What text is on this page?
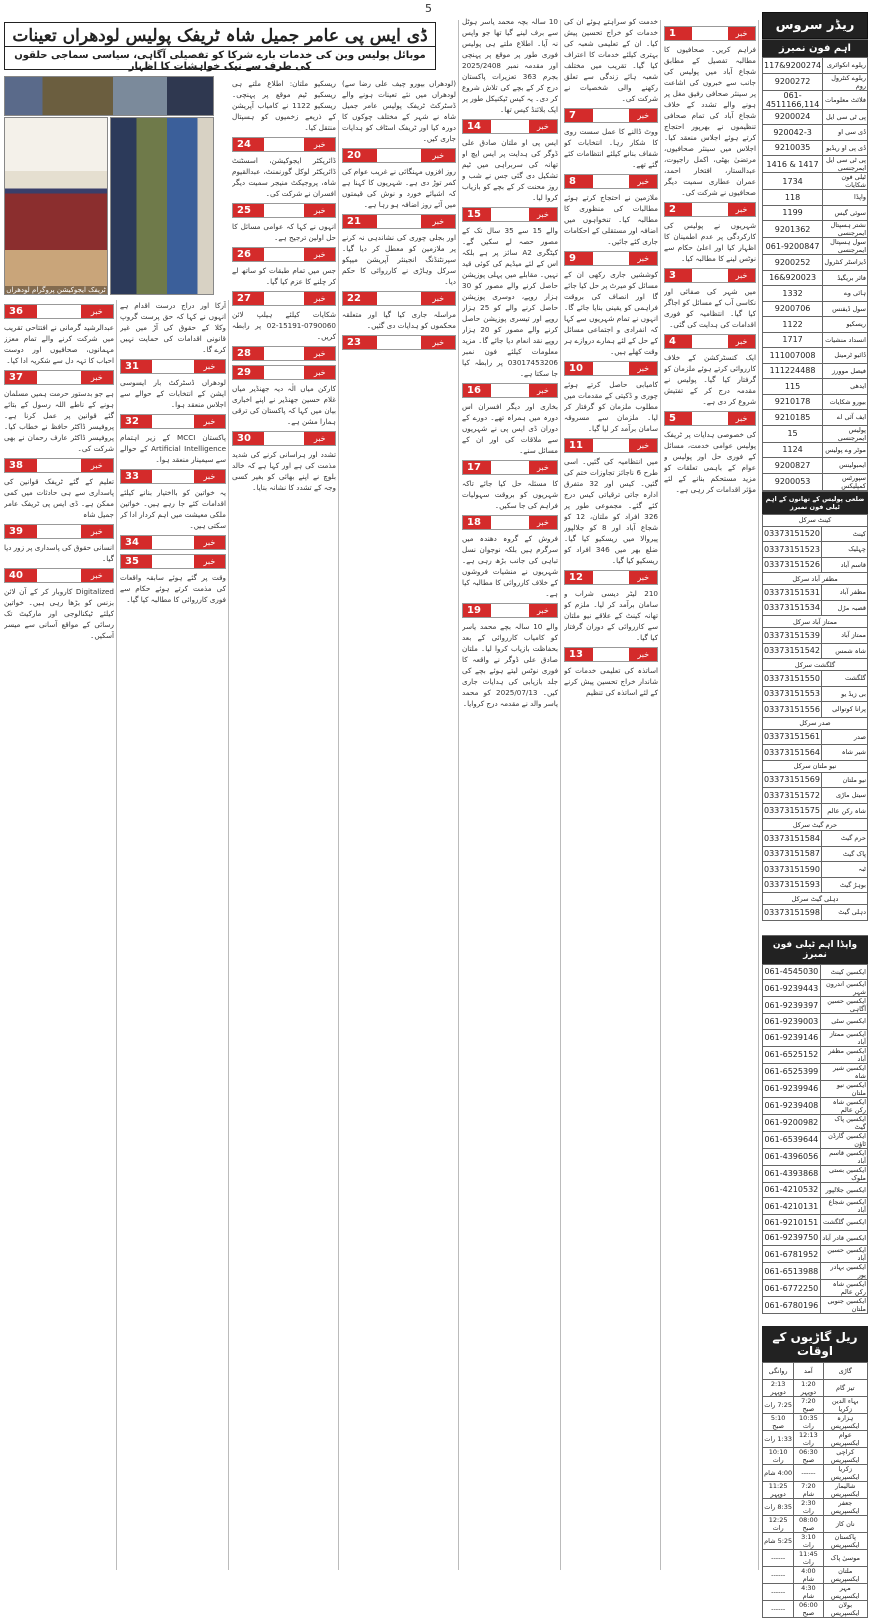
5
ڈی ایس پی عامر جمیل شاہ ٹریفک پولیس لودھراں تعینات
موبائل پولیس وین کی خدمات بارے شرکا کو تفصیلی آگاہی، سیاسی سماجی حلقوں کی طرف سے نیک خواہشات کا اظہار
ٹریفک ایجوکیشن پروگرام لودھراں

10 سالہ بچہ محمد یاسر ہوٹل سے برف لینے گیا تھا جو واپس نہ آیا۔ اطلاع ملتے ہی پولیس فوری طور پر موقع پر پہنچی اور مقدمہ نمبر 2025/2408 بجرم 363 تعزیرات پاکستان درج کر کے بچے کی تلاش شروع کر دی۔ یہ کیس ٹیکنیکل طور پر ایک بلائنڈ کیس تھا۔

14	خبر

ایس پی او ملتان صادق علی ڈوگر کی ہدایت پر ایس ایچ او تھانہ کی سربراہی میں ٹیم تشکیل دی گئی جس نے شب و روز محنت کر کے بچے کو بازیاب کروا لیا۔

15	خبر

والے 15 سے 35 سال تک کے مصور حصہ لے سکیں گے۔ کیٹگری A2 سائز پر ہے بلکہ اس کے لئے میڈیم کی کوئی قید نہیں۔ مقابلے میں پہلی پوزیشن حاصل کرنے والے مصور کو 30 ہزار روپے، دوسری پوزیشن حاصل کرنے والے کو 25 ہزار روپے اور تیسری پوزیشن حاصل کرنے والے مصور کو 20 ہزار روپے نقد انعام دیا جائے گا۔ مزید معلومات کیلئے فون نمبر 03017453206 پر رابطہ کیا جا سکتا ہے۔

16	خبر

بخاری اور دیگر افسران اس دورہ میں ہمراہ تھے۔ دورے کے دوران ڈی ایس پی نے شہریوں سے ملاقات کی اور ان کے مسائل سنے۔

17	خبر

کا مسئلہ حل کیا جائے تاکہ شہریوں کو بروقت سہولیات فراہم کی جا سکیں۔

18	خبر

فروش کے گروہ دھندہ میں سرگرم ہیں بلکہ نوجوان نسل تباہی کی جانب بڑھ رہی ہے۔ شہریوں نے منشیات فروشوں کے خلاف کارروائی کا مطالبہ کیا ہے۔

19	خبر

والے 10 سالہ بچے محمد یاسر کو کامیاب کارروائی کے بعد بحفاظت بازیاب کروا لیا۔ ملتان صادق علی ڈوگر نے واقعہ کا فوری نوٹس لیتے ہوئے بچے کی جلد بازیابی کی ہدایات جاری کیں۔ 2025/07/13 کو محمد یاسر والد نے مقدمہ درج کروایا۔

خدمت کو سراہتے ہوئے ان کی خدمات کو خراج تحسین پیش کیا۔ ان کے تعلیمی شعبہ کی بہتری کیلئے خدمات کا اعتراف کیا گیا۔ تقریب میں مختلف شعبہ ہائے زندگی سے تعلق رکھنے والی شخصیات نے شرکت کی۔

7	خبر

ووٹ ڈالنے کا عمل سست روی کا شکار رہا۔ انتخابات کو شفاف بنانے کیلئے انتظامات کئے گئے تھے۔

8	خبر

ملازمین نے احتجاج کرتے ہوئے مطالبات کی منظوری کا مطالبہ کیا۔ تنخواہوں میں اضافہ اور مستقلی کے احکامات جاری کئے جائیں۔

9	خبر

کوششیں جاری رکھی ان کے مسائل کو میرٹ پر حل کیا جائے گا اور انصاف کی بروقت فراہمی کو یقینی بنایا جائے گا۔ انہوں نے تمام شہریوں سے کہا کہ انفرادی و اجتماعی مسائل کے حل کے لئے ہمارے دروازے ہر وقت کھلے ہیں۔

10	خبر

کامیابی حاصل کرتے ہوئے چوری و ڈکیتی کے مقدمات میں مطلوب ملزمان کو گرفتار کر لیا۔ ملزمان سے مسروقہ سامان برآمد کر لیا گیا۔

11	خبر

میں انتظامیہ کی گئیں۔ اسی طرح 6 ناجائز تجاوزات ختم کی گئیں۔ کیس اور 32 متفرق ادارہ جاتی ترقیاتی کیس درج کئے گئے۔ مجموعی طور پر 326 افراد کو ملتان، 12 کو شجاع آباد اور 8 کو جلالپور پیروالا میں ریسکیو کیا گیا۔ ضلع بھر میں 346 افراد کو ریسکیو کیا گیا۔

12	خبر

210 لیٹر دیسی شراب و سامان برآمد کر لیا۔ ملزم کو تھانہ کینٹ کے علاقے نیو ملتان سے کارروائی کے دوران گرفتار کیا گیا۔

13	خبر

اساتذہ کی تعلیمی خدمات کو شاندار خراج تحسین پیش کرنے کے لئے اساتذہ کی تنظیم

1	خبر

فراہم کریں۔ صحافیوں کا مطالبہ تفصیل کے مطابق شجاع آباد میں پولیس کی جانب سے خبروں کی اشاعت پر سینئر صحافی رفیق مغل پر ہونے والے تشدد کے خلاف شجاع آباد کی تمام صحافی تنظیموں نے بھرپور احتجاج کرتے ہوئے اجلاس منعقد کیا۔ اجلاس میں سینئر صحافیوں، مرتضیٰ بھٹی، اکمل راجپوت، عبدالستار، افتخار احمد، عمران عطاری سمیت دیگر صحافیوں نے شرکت کی۔

2	خبر

شہریوں نے پولیس کی کارکردگی پر عدم اطمینان کا اظہار کیا اور اعلیٰ حکام سے نوٹس لینے کا مطالبہ کیا۔

3	خبر

میں شہر کی صفائی اور نکاسی آب کے مسائل کو اجاگر کیا گیا۔ انتظامیہ کو فوری اقدامات کی ہدایت کی گئی۔

4	خبر

ایک کنسٹرکشن کے خلاف کارروائی کرتے ہوئے ملزمان کو گرفتار کیا گیا۔ پولیس نے مقدمہ درج کر کے تفتیش شروع کر دی ہے۔

5	خبر

کی خصوصی ہدایات پر ٹریفک پولیس عوامی خدمت، مسائل کے فوری حل اور پولیس و عوام کے باہمی تعلقات کو مزید مستحکم بنانے کے لئے مؤثر اقدامات کر رہی ہے۔

(لودھراں بیورو چیف علی رضا سے) لودھراں میں نئے تعینات ہونے والے ڈسٹرکٹ ٹریفک پولیس عامر جمیل شاہ نے شہر کے مختلف چوکوں کا دورہ کیا اور ٹریفک اسٹاف کو ہدایات جاری کیں۔

20	خبر

روز افزوں مہنگائی نے غریب عوام کی کمر توڑ دی ہے۔ شہریوں کا کہنا ہے کہ اشیائے خورد و نوش کی قیمتوں میں آئے روز اضافہ ہو رہا ہے۔

21	خبر

اور بجلی چوری کی نشاندہی نہ کرنے پر ملازمین کو معطل کر دیا گیا۔ سپرنٹنڈنگ انجینئر آپریشن میپکو سرکل وہاڑی نے کارروائی کا حکم دیا۔

22	خبر

مراسلہ جاری کیا گیا اور متعلقہ محکموں کو ہدایات دی گئیں۔

23	خبر

ریسکیو ملتان: اطلاع ملتے ہی ریسکیو ٹیم موقع پر پہنچی۔ ریسکیو 1122 نے کامیاب آپریشن کے ذریعے زخمیوں کو ہسپتال منتقل کیا۔

24	خبر

ڈائریکٹر ایجوکیشن، اسسٹنٹ ڈائریکٹر لوکل گورنمنٹ، عبدالقیوم شاہ، پروجیکٹ منیجر سمیت دیگر افسران نے شرکت کی۔

25	خبر

انہوں نے کہا کہ عوامی مسائل کا حل اولین ترجیح ہے۔

26	خبر

جس میں تمام طبقات کو ساتھ لے کر چلنے کا عزم کیا گیا۔

27	خبر

شکایات کیلئے ہیلپ لائن 0790060-15191-02 پر رابطہ کریں۔

28	خبر
29	خبر

کارکن میاں الٰہ دیہ جھنڈیر میاں غلام حسین جھنڈیر نے اپنے اخباری بیان میں کہا کہ پاکستان کی ترقی ہمارا مشن ہے۔

30	خبر

تشدد اور ہراسانی کرنے کی شدید مذمت کی ہے اور کہا ہے کہ خالد بلوچ نے اپنے بھائی کو بغیر کسی وجہ کے تشدد کا نشانہ بنایا۔

آرکا اور دراج درست اقدام ہے انہوں نے کہا کہ حق پرست گروپ وکلا کے حقوق کی آڑ میں غیر قانونی اقدامات کی حمایت نہیں کرے گا۔

31	خبر

لودھراں ڈسٹرکٹ بار ایسوسی ایشن کے انتخابات کے حوالے سے اجلاس منعقد ہوا۔

32	خبر

پاکستان MCCI کے زیر اہتمام Artificial Intelligence کے حوالے سے سیمینار منعقد ہوا۔

33	خبر

یہ خواتین کو بااختیار بنانے کیلئے اقدامات کئے جا رہے ہیں۔ خواتین ملکی معیشت میں اہم کردار ادا کر سکتی ہیں۔

34	خبر
35	خبر

وقت پر گئے ہوئے سابقہ واقعات کی مذمت کرتے ہوئے حکام سے فوری کارروائی کا مطالبہ کیا گیا۔

36	خبر

عبدالرشید گرمانی نے افتتاحی تقریب میں شرکت کرنے والے تمام معزز مہمانوں، صحافیوں اور دوست احباب کا تہہ دل سے شکریہ ادا کیا۔

37	خبر

ہے جو بدستور حرمت ہمیں مسلمان ہونے کے ناطے اللہ رسول کے بتائے گئے قوانین پر عمل کرنا ہے۔ پروفیسر ڈاکٹر حافظ نے خطاب کیا۔ پروفیسر ڈاکٹر عارف رحمان نے بھی شرکت کی۔

38	خبر

تعلیم کے گئے ٹریفک قوانین کی پاسداری سے ہی حادثات میں کمی ممکن ہے۔ ڈی ایس پی ٹریفک عامر جمیل شاہ

39	خبر

انسانی حقوق کی پاسداری پر زور دیا گیا۔

40	خبر

Digitalized کاروبار کر کے آن لائن بزنس کو بڑھا رہی ہیں۔ خواتین کیلئے ٹیکنالوجی اور مارکیٹ تک رسائی کے مواقع آسانی سے میسر آسکیں۔

ریڈر سروس
اہم فون نمبرز
117&9200274	ریلوے انکوائری
9200272	ریلوے کنٹرول روم
061-4511166,114	فلائٹ معلومات
9200024	پی ٹی سی ایل
920042-3	ڈی سی او
9210035	ڈی پی او ریڈیو
1416 & 1417	پی ٹی سی ایل ایمرجنسی
1734	ٹیلی فون شکایات
118	واپڈا
1199	سوئی گیس
9201362	نشتر ہسپتال ایمرجنسی
061-9200847	سول ہسپتال ایمرجنسی
9200252	ڈیزاسٹر کنٹرول
16&920023	فائر بریگیڈ
1332	ہائی وے
9200706	سول ڈیفنس
1122	ریسکیو
1717	انسداد منشیات
111007008	ڈائیو ٹرمینل
111224488	فیصل موورز
115	ایدھی
9210178	بیورو شکایات
9210185	ایف آئی اے
15	پولیس ایمرجنسی
1124	موٹر وے پولیس
9200827	ایمبولینس
9200053	سپورٹس کمپلیکس
ضلعی پولیس کے تھانوں کے اہم ٹیلی فون نمبرز
کینٹ سرکل	
03373151520	کینٹ
03373151523	چہلیک
03373151526	قاسم آباد
مظفر آباد سرکل	
03373151531	مظفر آباد
03373151534	قصبہ مڑل
ممتاز آباد سرکل	
03373151539	ممتاز آباد
03373151542	شاہ شمس
گلگشت سرکل	
03373151550	گلگشت
03373151553	بی زیڈ یو
03373151556	پرانا کوتوالی
صدر سرکل	
03373151561	صدر
03373151564	شیر شاہ
نیو ملتان سرکل	
03373151569	نیو ملتان
03373151572	سیتل ماڑی
03373151575	شاہ رکن عالم
حرم گیٹ سرکل	
03373151584	حرم گیٹ
03373151587	پاک گیٹ
03373151590	ٹبہ
03373151593	بوہڑ گیٹ
دہلی گیٹ سرکل	
03373151598	دہلی گیٹ
واپڈا اہم ٹیلی فون نمبرز
061-4545030	ایکسین کینٹ
061-9239443	ایکسین اندرون شہر
061-9239397	ایکسین حسین آگاہی
061-9239003	ایکسین سٹی
061-9239146	ایکسین ممتاز آباد
061-6525152	ایکسین مظفر آباد
061-6525399	ایکسین شیر شاہ
061-9239946	ایکسین نیو ملتان
061-9239408	ایکسین شاہ رکن عالم
061-9200982	ایکسین پاک گیٹ
061-6539644	ایکسین گارڈن ٹاؤن
061-4396056	ایکسین قاسم آباد
061-4393868	ایکسین بستی ملوک
061-4210532	ایکسین جلالپور
061-4210131	ایکسین شجاع آباد
061-9210151	ایکسین گلگشت
061-9239750	ایکسین قادر آباد
061-6781952	ایکسین حسین آباد
061-6513988	ایکسین بہادر پور
061-6772250	ایکسین شاہ رکن عالم
061-6780196	ایکسین جنوبی ملتان
ریل گاڑیوں کے اوقات
روانگی	آمد	گاڑی
2:13 دوپہر	1:20 دوپہر	تیز گام
7:25 رات	7:20 صبح	بہاء الدین زکریا
5:10 صبح	10:35 رات	ہزارہ ایکسپریس
1:33 رات	12:13 رات	عوام ایکسپریس
10:10 رات	06:30 صبح	کراچی ایکسپریس
4:00 شام	------	زکریا ایکسپریس
11:25 دوپہر	7:20 شام	شالیمار ایکسپریس
8:35 رات	2:30 رات	جعفر ایکسپریس
12:25 رات	08:00 صبح	نان کاز
5:25 شام	3:10 رات	پاکستان ایکسپریس
------	11:45 رات	موسیٰ پاک
------	4:00 شام	ملتان ایکسپریس
------	4:30 شام	مہر ایکسپریس
------	06:00 صبح	بولان ایکسپریس
